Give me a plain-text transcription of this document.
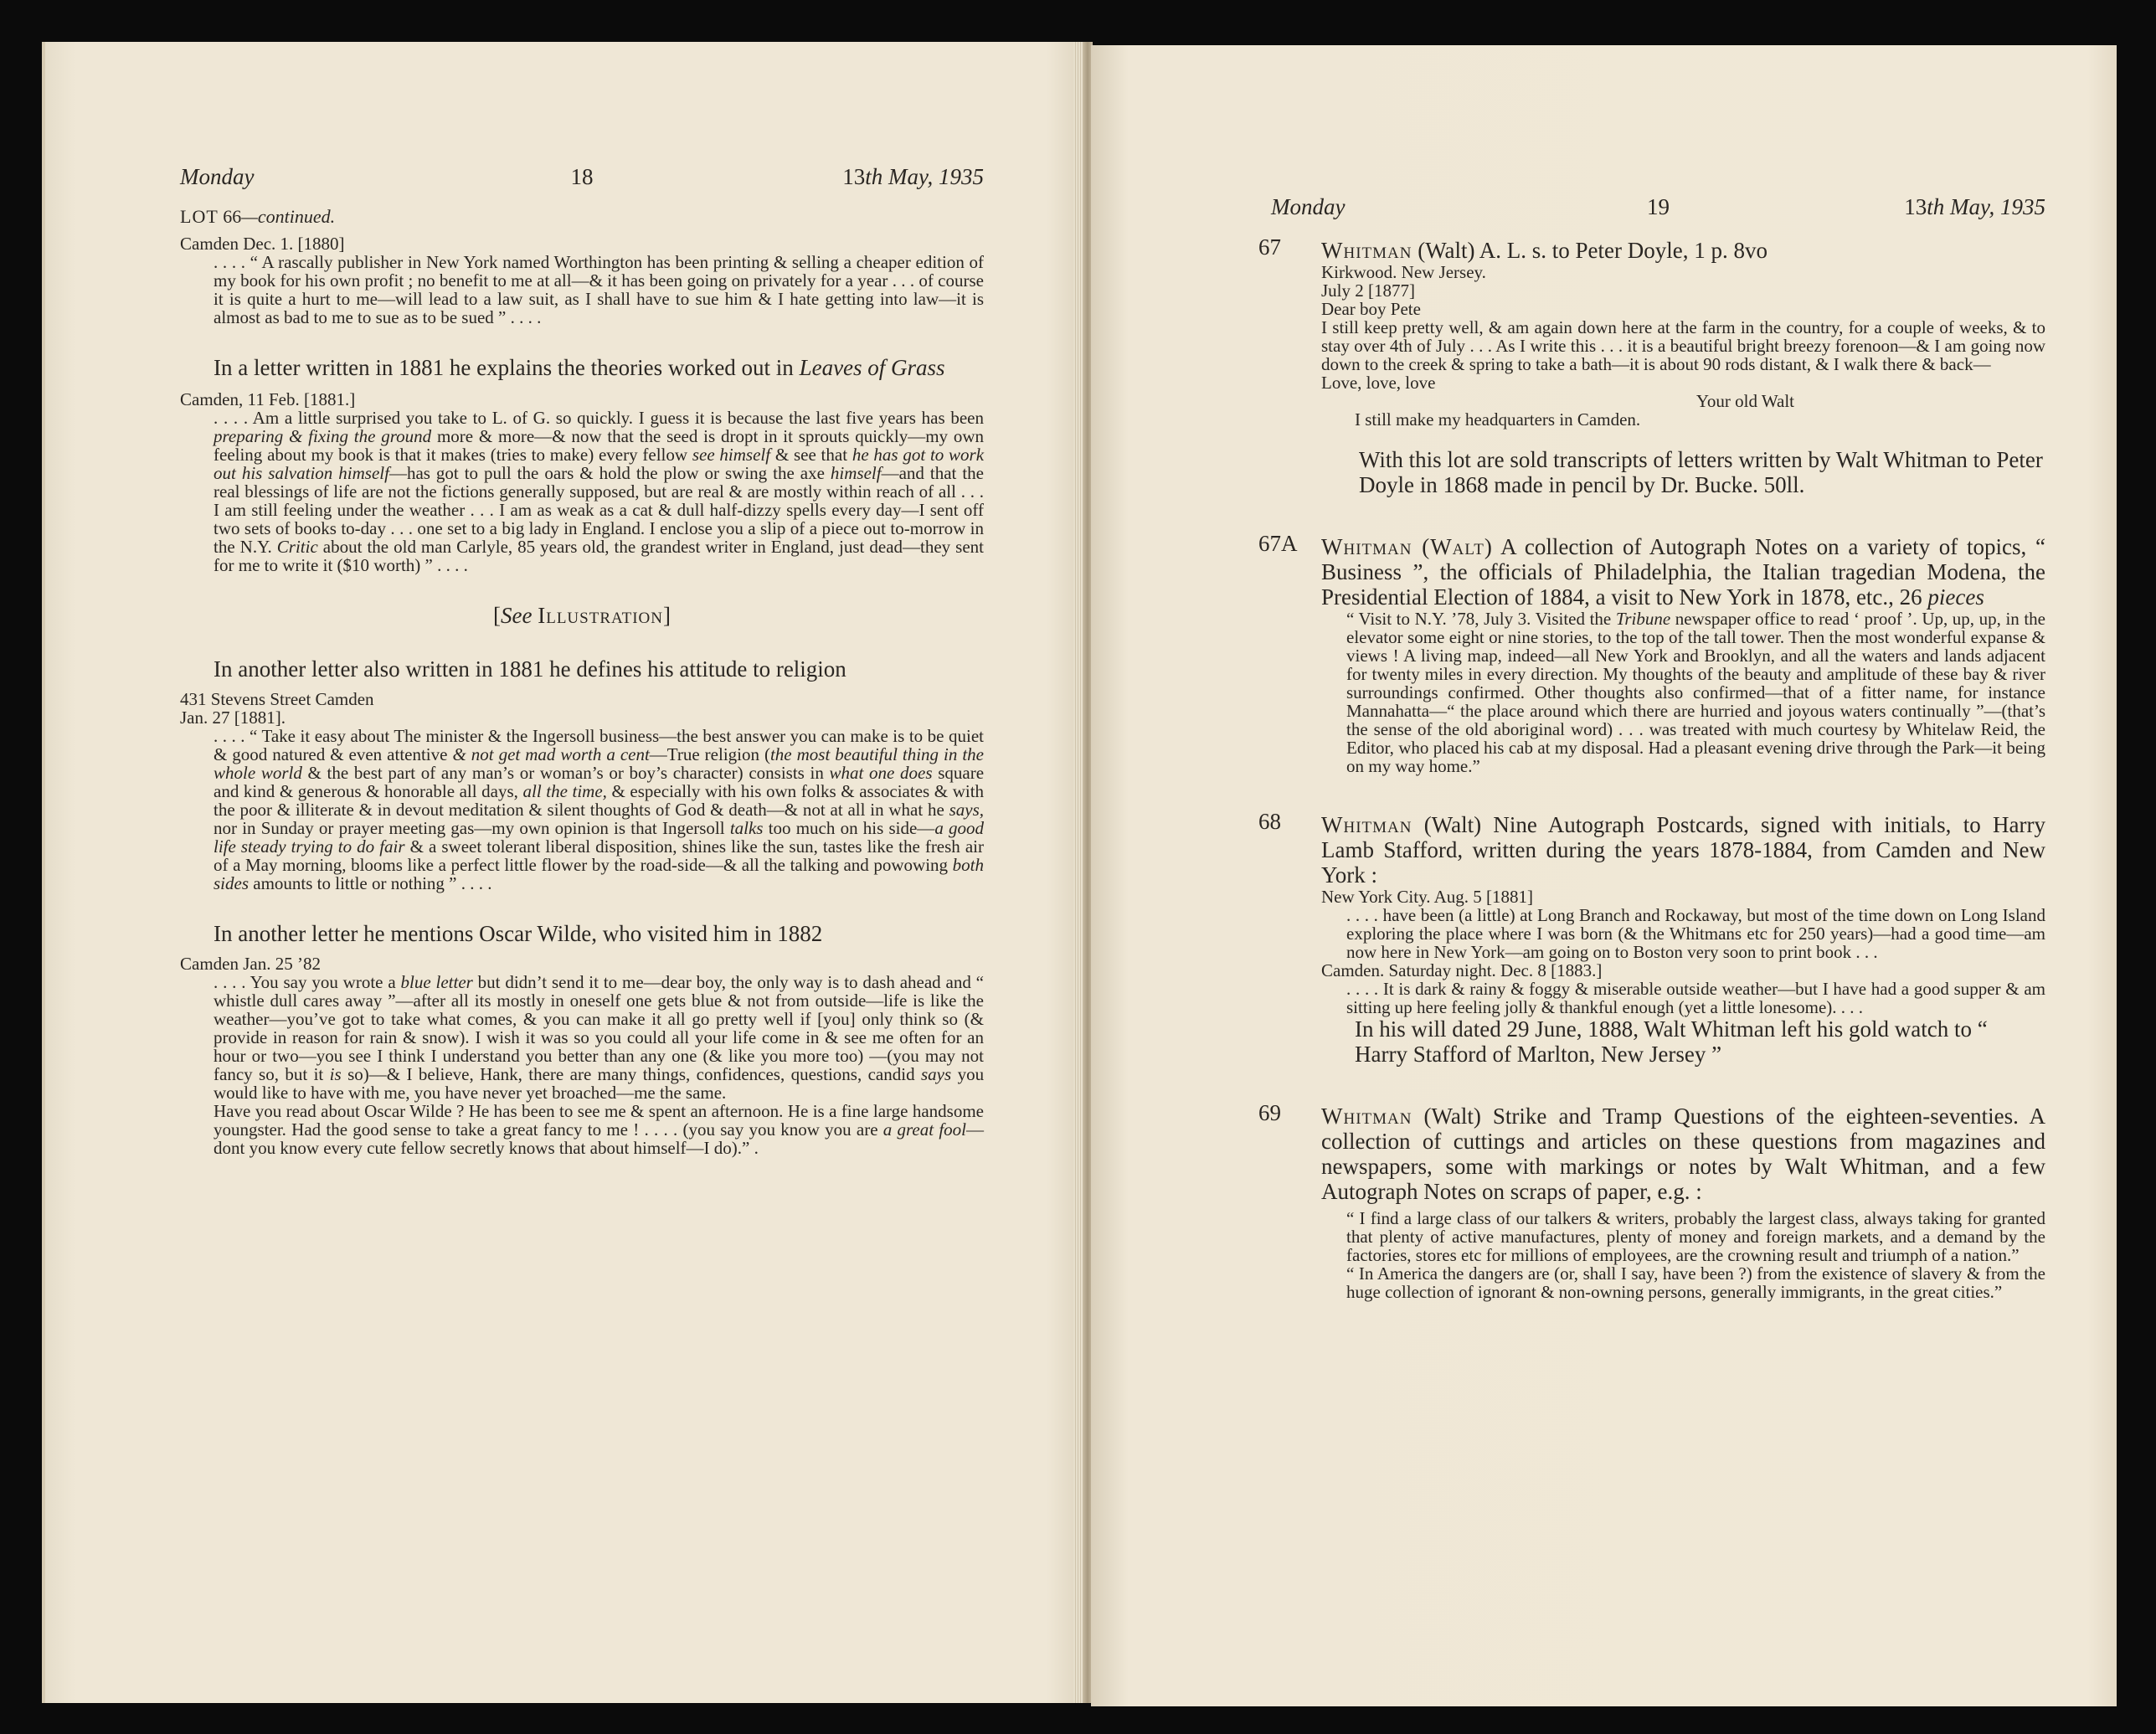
Monday	18	13th May, 1935
LOT 66—continued.
Camden Dec. 1. [1880]

. . . . “ A rascally publisher in New York named Worthington has been printing & selling a cheaper edition of my book for his own profit ; no benefit to me at all—& it has been going on privately for a year . . . of course it is quite a hurt to me—will lead to a law suit, as I shall have to sue him & I hate getting into law—it is almost as bad to me to sue as to be sued ” . . . .

In a letter written in 1881 he explains the theories worked out in Leaves of Grass

Camden, 11 Feb. [1881.]

. . . . Am a little surprised you take to L. of G. so quickly. I guess it is because the last five years has been preparing & fixing the ground more & more—& now that the seed is dropt in it sprouts quickly—my own feeling about my book is that it makes (tries to make) every fellow see himself & see that he has got to work out his salvation himself—has got to pull the oars & hold the plow or swing the axe himself—and that the real blessings of life are not the fictions generally supposed, but are real & are mostly within reach of all . . . I am still feeling under the weather . . . I am as weak as a cat & dull half-dizzy spells every day—I sent off two sets of books to-day . . . one set to a big lady in England. I enclose you a slip of a piece out to-morrow in the N.Y. Critic about the old man Carlyle, 85 years old, the grandest writer in England, just dead—they sent for me to write it ($10 worth) ” . . . .

[See Illustration]

In another letter also written in 1881 he defines his attitude to religion

431 Stevens Street Camden
Jan. 27 [1881].

. . . . “ Take it easy about The minister & the Ingersoll business—the best answer you can make is to be quiet & good natured & even attentive & not get mad worth a cent—True religion (the most beautiful thing in the whole world & the best part of any man’s or woman’s or boy’s character) consists in what one does square and kind & generous & honorable all days, all the time, & especially with his own folks & associates & with the poor & illiterate & in devout meditation & silent thoughts of God & death—& not at all in what he says, nor in Sunday or prayer meeting gas—my own opinion is that Ingersoll talks too much on his side—a good life steady trying to do fair & a sweet tolerant liberal disposition, shines like the sun, tastes like the fresh air of a May morning, blooms like a perfect little flower by the road-side—& all the talking and powowing both sides amounts to little or nothing ” . . . .

In another letter he mentions Oscar Wilde, who visited him in 1882

Camden Jan. 25 ’82

. . . . You say you wrote a blue letter but didn’t send it to me—dear boy, the only way is to dash ahead and “ whistle dull cares away ”—after all its mostly in oneself one gets blue & not from outside—life is like the weather—you’ve got to take what comes, & you can make it all go pretty well if [you] only think so (& provide in reason for rain & snow). I wish it was so you could all your life come in & see me often for an hour or two—you see I think I understand you better than any one (& like you more too) —(you may not fancy so, but it is so)—& I believe, Hank, there are many things, confidences, questions, candid says you would like to have with me, you have never yet broached—me the same.

Have you read about Oscar Wilde ? He has been to see me & spent an afternoon. He is a fine large handsome youngster. Had the good sense to take a great fancy to me ! . . . . (you say you know you are a great fool—dont you know every cute fellow secretly knows that about himself—I do).” .

Monday	19	13th May, 1935
67 Whitman (Walt) A. L. s. to Peter Doyle, 1 p. 8vo
Kirkwood. New Jersey.
July 2 [1877]
Dear boy Pete

I still keep pretty well, & am again down here at the farm in the country, for a couple of weeks, & to stay over 4th of July . . . As I write this . . . it is a beautiful bright breezy forenoon—& I am going now down to the creek & spring to take a bath—it is about 90 rods distant, & I walk there & back—

Love, love, love
Your old Walt
I still make my headquarters in Camden.

With this lot are sold transcripts of letters written by Walt Whitman to Peter Doyle in 1868 made in pencil by Dr. Bucke. 50ll.

67A Whitman (Walt) A collection of Autograph Notes on a variety of topics, “ Business ”, the officials of Philadelphia, the Italian tragedian Modena, the Presidential Election of 1884, a visit to New York in 1878, etc., 26 pieces

“ Visit to N.Y. ’78, July 3. Visited the Tribune newspaper office to read ‘ proof ’. Up, up, up, in the elevator some eight or nine stories, to the top of the tall tower. Then the most wonderful expanse & views ! A living map, indeed—all New York and Brooklyn, and all the waters and lands adjacent for twenty miles in every direction. My thoughts of the beauty and amplitude of these bay & river surroundings confirmed. Other thoughts also confirmed—that of a fitter name, for instance Mannahatta—“ the place around which there are hurried and joyous waters continually ”—(that’s the sense of the old aboriginal word) . . . was treated with much courtesy by Whitelaw Reid, the Editor, who placed his cab at my disposal. Had a pleasant evening drive through the Park—it being on my way home.”

68 Whitman (Walt) Nine Autograph Postcards, signed with initials, to Harry Lamb Stafford, written during the years 1878-1884, from Camden and New York :
New York City. Aug. 5 [1881]

. . . . have been (a little) at Long Branch and Rockaway, but most of the time down on Long Island exploring the place where I was born (& the Whitmans etc for 250 years)—had a good time—am now here in New York—am going on to Boston very soon to print book . . .

Camden. Saturday night. Dec. 8 [1883.]

. . . . It is dark & rainy & foggy & miserable outside weather—but I have had a good supper & am sitting up here feeling jolly & thankful enough (yet a little lonesome). . . .

In his will dated 29 June, 1888, Walt Whitman left his gold watch to “ Harry Stafford of Marlton, New Jersey ”

69 Whitman (Walt) Strike and Tramp Questions of the eighteen-seventies. A collection of cuttings and articles on these questions from magazines and newspapers, some with markings or notes by Walt Whitman, and a few Autograph Notes on scraps of paper, e.g. :

“ I find a large class of our talkers & writers, probably the largest class, always taking for granted that plenty of active manufactures, plenty of money and foreign markets, and a demand by the factories, stores etc for millions of employees, are the crowning result and triumph of a nation.”

“ In America the dangers are (or, shall I say, have been ?) from the existence of slavery & from the huge collection of ignorant & non-owning persons, generally immigrants, in the great cities.”
